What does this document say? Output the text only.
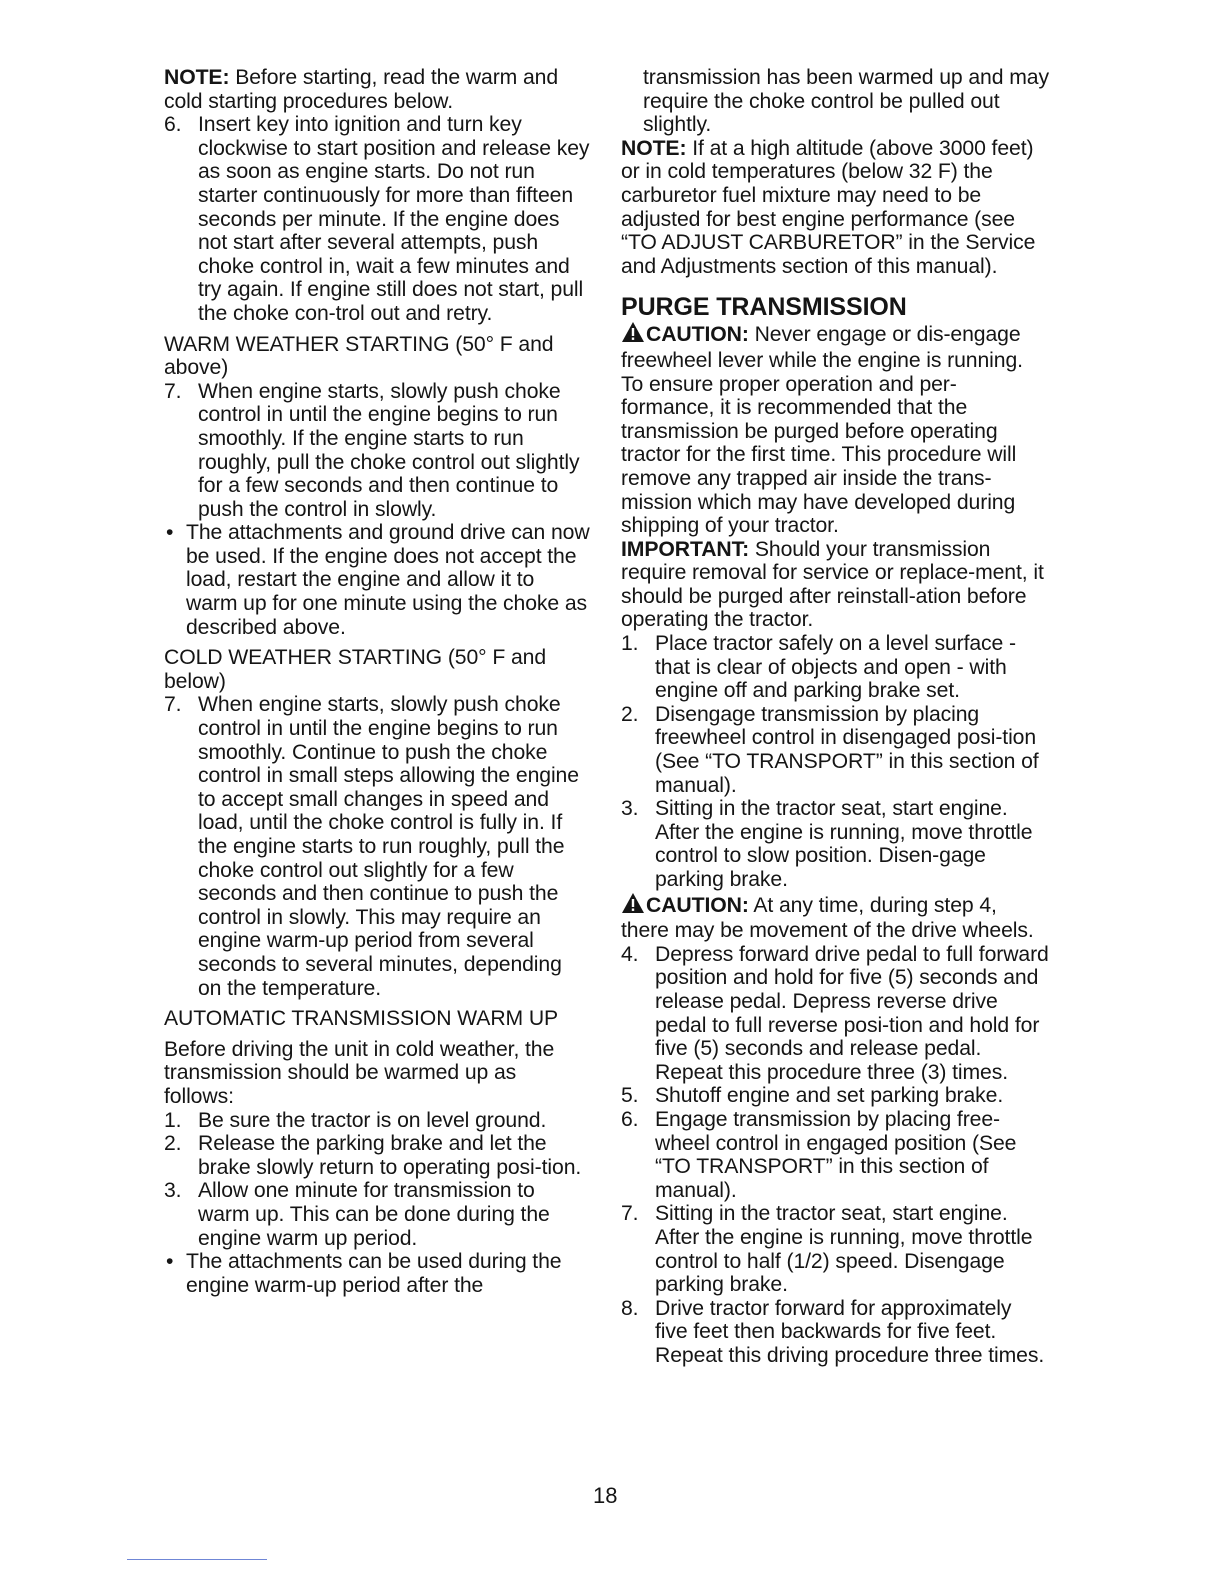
NOTE: Before starting, read the warm and cold starting procedures below.

6. Insert key into ignition and turn key clockwise to start position and release key as soon as engine starts. Do not run starter continuously for more than fifteen seconds per minute. If the engine does not start after several attempts, push choke control in, wait a few minutes and try again. If engine still does not start, pull the choke con-trol out and retry.

WARM WEATHER STARTING (50° F and above)

7. When engine starts, slowly push choke control in until the engine begins to run smoothly. If the engine starts to run roughly, pull the choke control out slightly for a few seconds and then continue to push the control in slowly.
• The attachments and ground drive can now be used. If the engine does not accept the load, restart the engine and allow it to warm up for one minute using the choke as described above.

COLD WEATHER STARTING (50° F and below)

7. When engine starts, slowly push choke control in until the engine begins to run smoothly. Continue to push the choke control in small steps allowing the engine to accept small changes in speed and load, until the choke control is fully in. If the engine starts to run roughly, pull the choke control out slightly for a few seconds and then continue to push the control in slowly. This may require an engine warm-up period from several seconds to several minutes, depending on the temperature.

AUTOMATIC TRANSMISSION WARM UP

Before driving the unit in cold weather, the transmission should be warmed up as follows:

1. Be sure the tractor is on level ground.
2. Release the parking brake and let the brake slowly return to operating posi-tion.
3. Allow one minute for transmission to warm up. This can be done during the engine warm up period.
• The attachments can be used during the engine warm-up period after the

transmission has been warmed up and may require the choke control be pulled out slightly.

NOTE: If at a high altitude (above 3000 feet) or in cold temperatures (below 32 F) the carburetor fuel mixture may need to be adjusted for best engine performance (see “TO ADJUST CARBURETOR” in the Service and Adjustments section of this manual).

PURGE TRANSMISSION

CAUTION: Never engage or dis-engage freewheel lever while the engine is running.

To ensure proper operation and per-formance, it is recommended that the transmission be purged before operating tractor for the first time. This procedure will remove any trapped air inside the trans-mission which may have developed during shipping of your tractor.

IMPORTANT: Should your transmission require removal for service or replace-ment, it should be purged after reinstall-ation before operating the tractor.

1. Place tractor safely on a level surface - that is clear of objects and open - with engine off and parking brake set.
2. Disengage transmission by placing freewheel control in disengaged posi-tion (See “TO TRANSPORT” in this section of manual).
3. Sitting in the tractor seat, start engine. After the engine is running, move throttle control to slow position. Disen-gage parking brake.

CAUTION: At any time, during step 4, there may be movement of the drive wheels.

4. Depress forward drive pedal to full forward position and hold for five (5) seconds and release pedal. Depress reverse drive pedal to full reverse posi-tion and hold for five (5) seconds and release pedal. Repeat this procedure three (3) times.
5. Shutoff engine and set parking brake.
6. Engage transmission by placing free-wheel control in engaged position (See “TO TRANSPORT” in this section of manual).
7. Sitting in the tractor seat, start engine. After the engine is running, move throttle control to half (1/2) speed. Disengage parking brake.
8. Drive tractor forward for approximately five feet then backwards for five feet. Repeat this driving procedure three times.
18
